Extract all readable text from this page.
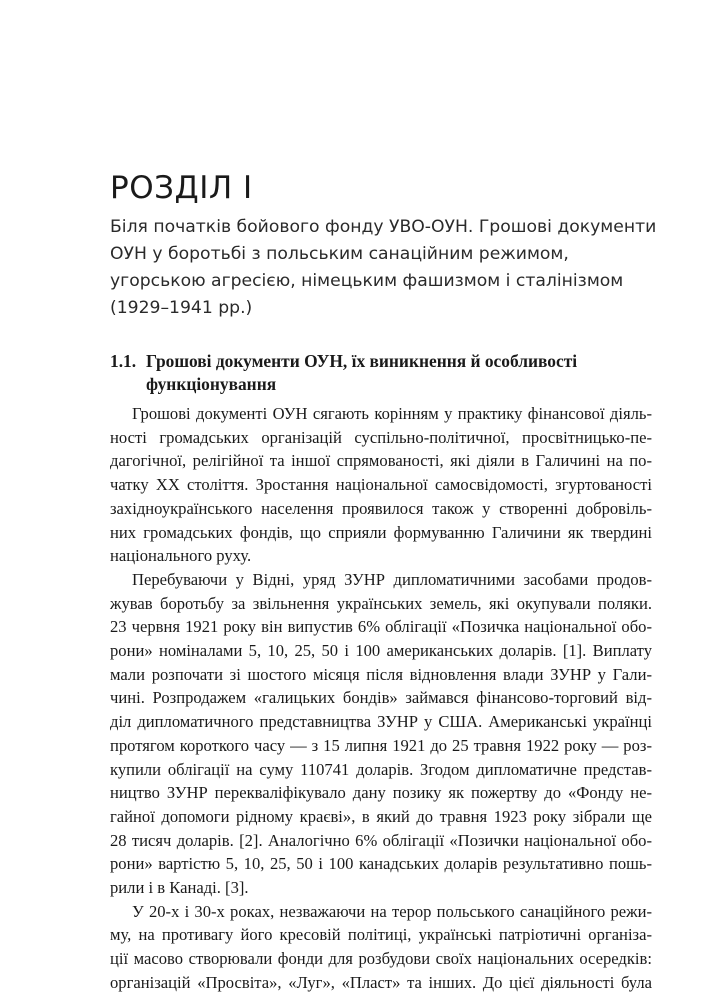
РОЗДІЛ І
Біля початків бойового фонду УВО-ОУН. Грошові документи
ОУН у боротьбі з польським санаційним режимом,
угорською агресією, німецьким фашизмом і сталінізмом
(1929–1941 рр.)
1.1. Грошові документи ОУН, їх виникнення й особливості
функціонування
Грошові документі ОУН сягають корінням у практику фінансової діяль-
ності громадських організацій суспільно-політичної, просвітницько-пе-
дагогічної, релігійної та іншої спрямованості, які діяли в Галичині на по-
чатку ХХ століття. Зростання національної самосвідомості, згуртованості
західноукраїнського населення проявилося також у створенні добровіль-
них громадських фондів, що сприяли формуванню Галичини як твердині
національного руху.
Перебуваючи у Відні, уряд ЗУНР дипломатичними засобами продов-
жував боротьбу за звільнення українських земель, які окупували поляки.
23 червня 1921 року він випустив 6% облігації «Позичка національної обо-
рони» номіналами 5, 10, 25, 50 і 100 американських доларів. [1]. Виплату
мали розпочати зі шостого місяця після відновлення влади ЗУНР у Гали-
чині. Розпродажем «галицьких бондів» займався фінансово-торговий від-
діл дипломатичного представництва ЗУНР у США. Американські українці
протягом короткого часу — з 15 липня 1921 до 25 травня 1922 року — роз-
купили облігації на суму 110741 доларів. Згодом дипломатичне представ-
ництво ЗУНР перекваліфікувало дану позику як пожертву до «Фонду не-
гайної допомоги рідному краєві», в який до травня 1923 року зібрали ще
28 тисяч доларів. [2]. Аналогічно 6% облігації «Позички національної обо-
рони» вартістю 5, 10, 25, 50 і 100 канадських доларів результативно пошь-
рили і в Канаді. [3].
У 20-х і 30-х роках, незважаючи на терор польського санаційного режи-
му, на противагу його кресовій політиці, українські патріотичні організа-
ції масово створювали фонди для розбудови своїх національних осередків:
організацій «Просвіта», «Луг», «Пласт» та інших. До цієї діяльності була
